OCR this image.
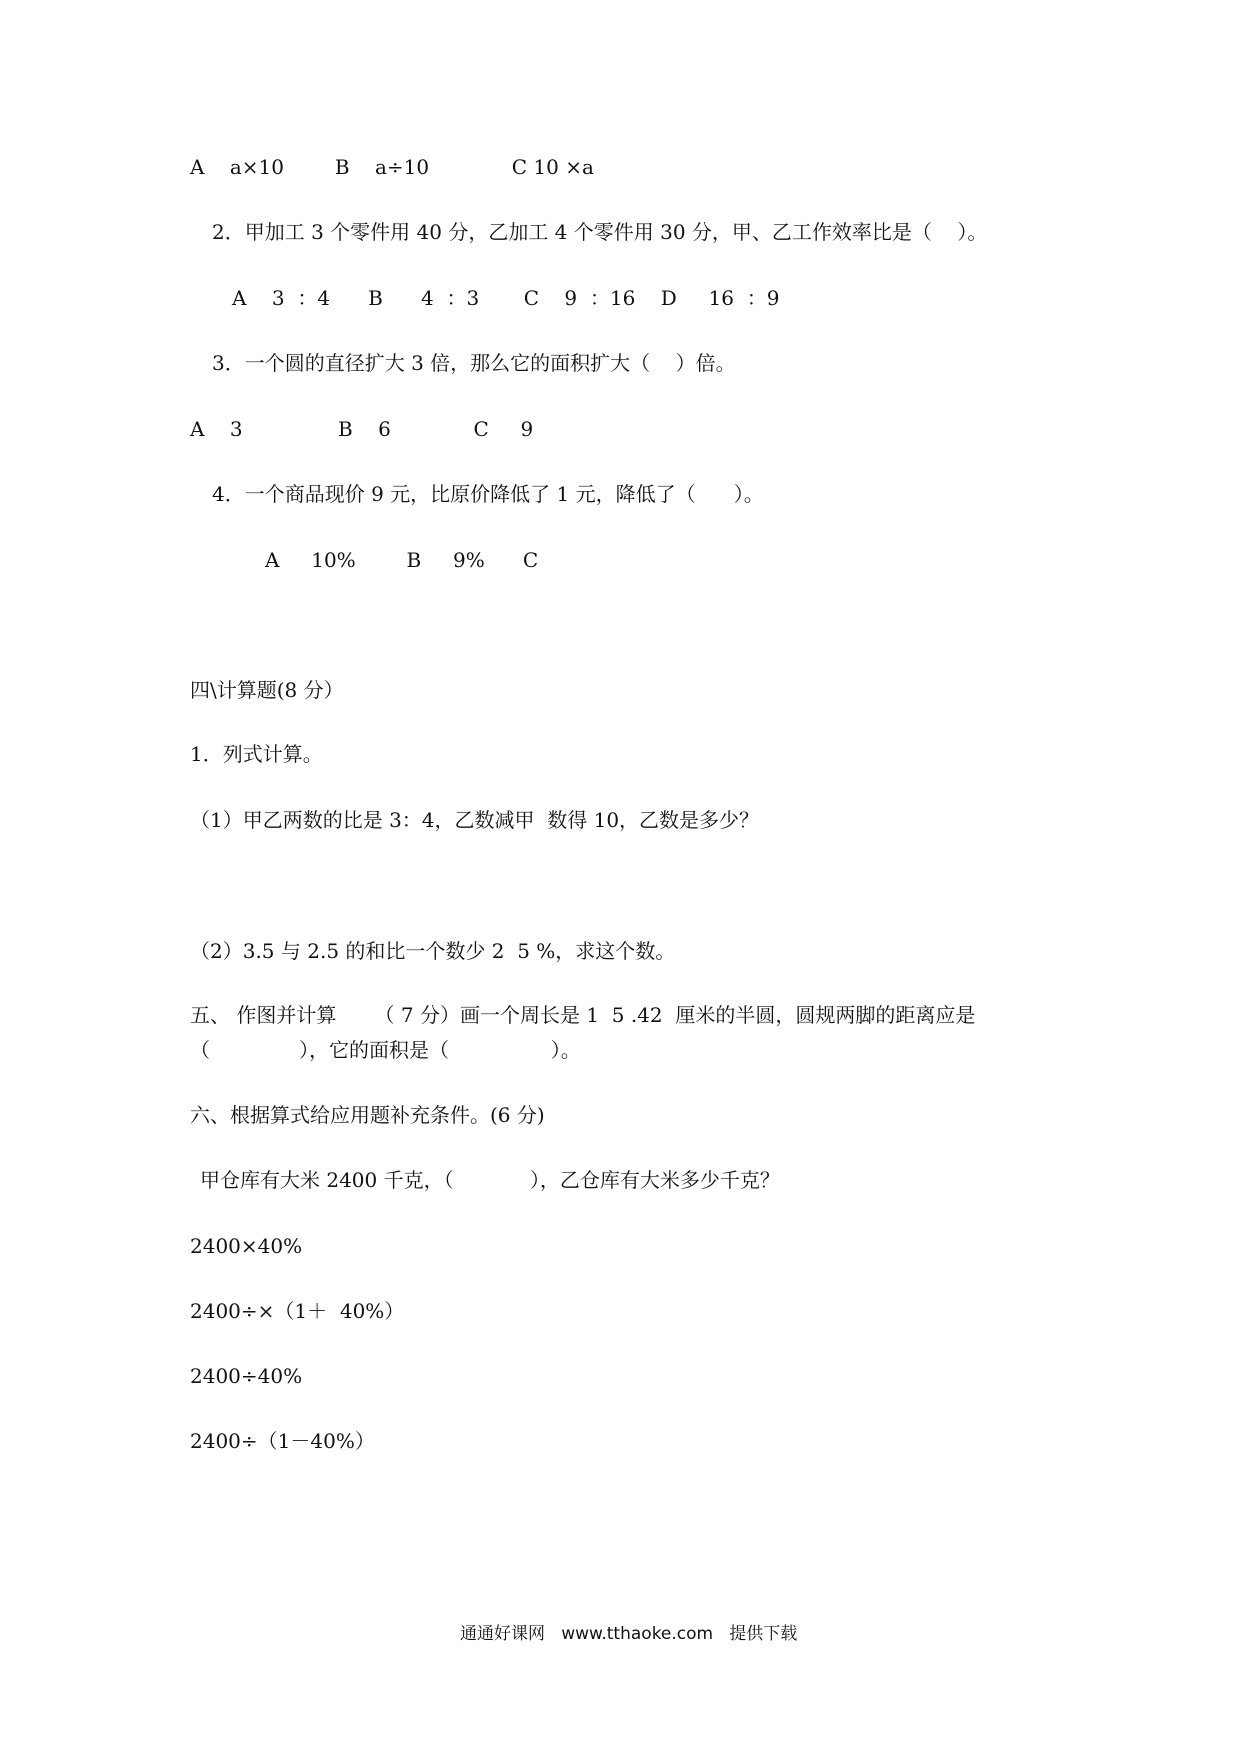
A    a×10        B    a÷10             C 10 ×a
2．甲加工 3 个零件用 40 分，乙加工 4 个零件用 30 分，甲、乙工作效率比是（    ）。
A    3  ：4      B      4  ：3       C    9  ：16    D     16  ：9
3．一个圆的直径扩大 3 倍，那么它的面积扩大（    ）倍。
A    3               B    6             C     9
4．一个商品现价 9 元，比原价降低了 1 元，降低了（      ）。
A     10%        B     9%      C
四\计算题(8 分）
1．列式计算。
（1）甲乙两数的比是 3：4，乙数减甲  数得 10，乙数是多少？
（2）3.5 与 2.5 的和比一个数少 2  5 %，求这个数。
五、 作图并计算      （ 7 分）画一个周长是 1  5 .42  厘米的半圆，圆规两脚的距离应是
（              ），它的面积是（                ）。
六、根据算式给应用题补充条件。(6 分)
甲仓库有大米 2400 千克，（            ），乙仓库有大米多少千克？
2400×40%
2400÷×（1＋  40%）
2400÷40%
2400÷（1－40%）
通通好课网   www.tthaoke.com   提供下载
